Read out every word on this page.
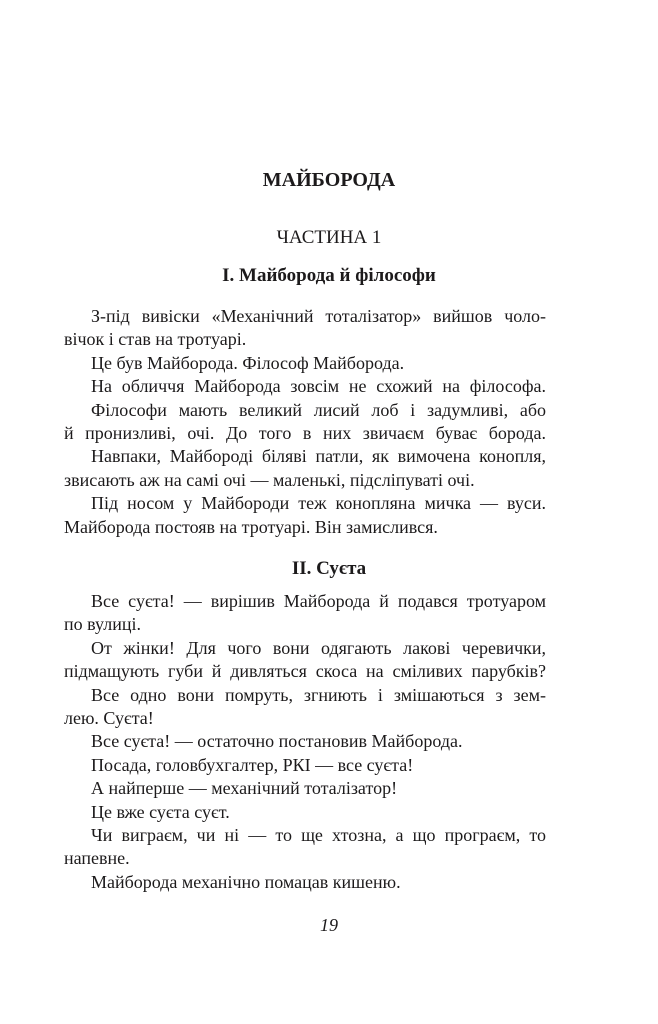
МАЙБОРОДА
ЧАСТИНА 1
I. Майборода й філософи
З-під вивіски «Механічний тоталізатор» вийшов чоло-
вічок і став на тротуарі.
Це був Майборода. Філософ Майборода.
На обличчя Майборода зовсім не схожий на філософа.
Філософи мають великий лисий лоб і задумливі, або
й пронизливі, очі. До того в них звичаєм буває борода.
Навпаки, Майбороді біляві патли, як вимочена конопля,
звисають аж на самі очі — маленькі, підсліпуваті очі.
Під носом у Майбороди теж конопляна мичка — вуси.
Майборода постояв на тротуарі. Він замислився.
II. Суєта
Все суєта! — вирішив Майборода й подався тротуаром
по вулиці.
От жінки! Для чого вони одягають лакові черевички,
підмащують губи й дивляться скоса на сміливих парубків?
Все одно вони помруть, згниють і змішаються з зем-
лею. Суєта!
Все суєта! — остаточно постановив Майборода.
Посада, головбухгалтер, РКІ — все суєта!
А найперше — механічний тоталізатор!
Це вже суєта суєт.
Чи виграєм, чи ні — то ще хтозна, а що програєм, то
напевне.
Майборода механічно помацав кишеню.
19
